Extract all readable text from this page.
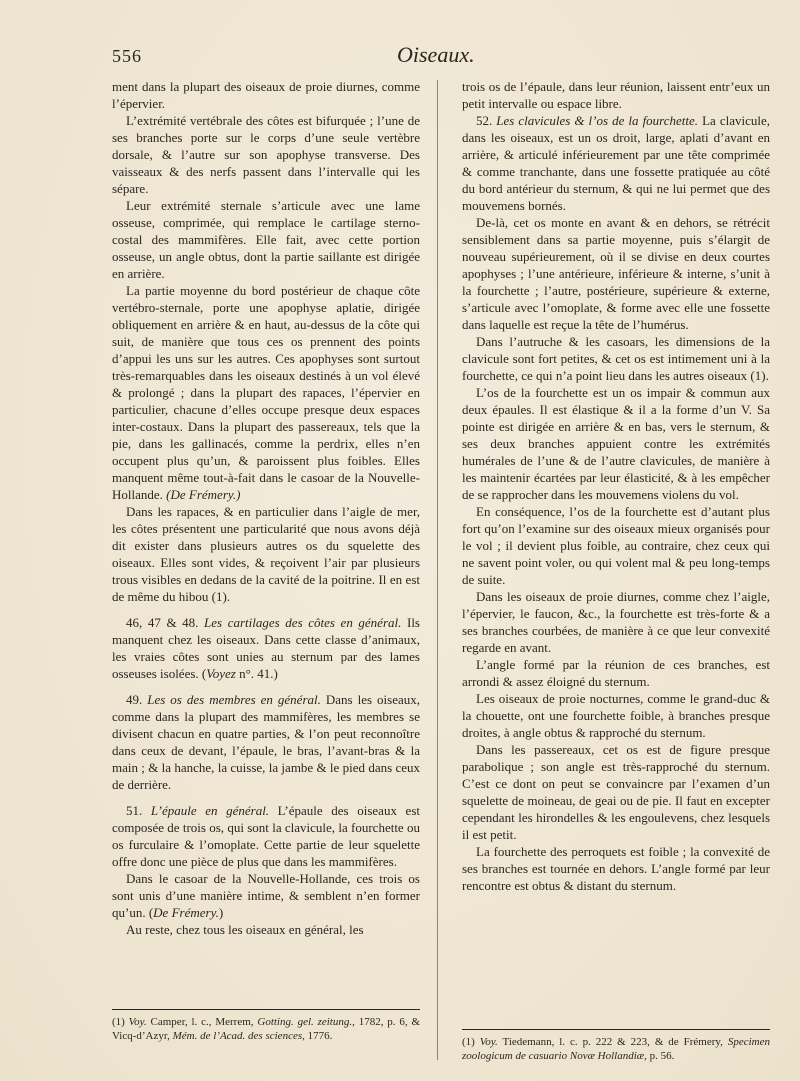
556	Oiseaux.

ment dans la plupart des oiseaux de proie diurnes, comme l’épervier.

L’extrémité vertébrale des côtes est bifurquée ; l’une de ses branches porte sur le corps d’une seule vertèbre dorsale, & l’autre sur son apophyse transverse. Des vaisseaux & des nerfs passent dans l’intervalle qui les sépare.

Leur extrémité sternale s’articule avec une lame osseuse, comprimée, qui remplace le cartilage sterno-costal des mammifères. Elle fait, avec cette portion osseuse, un angle obtus, dont la partie saillante est dirigée en arrière.

La partie moyenne du bord postérieur de chaque côte vertébro-sternale, porte une apophyse aplatie, dirigée obliquement en arrière & en haut, au-dessus de la côte qui suit, de manière que tous ces os prennent des points d’appui les uns sur les autres. Ces apophyses sont surtout très-remarquables dans les oiseaux destinés à un vol élevé & prolongé ; dans la plupart des rapaces, l’épervier en particulier, chacune d’elles occupe presque deux espaces inter-costaux. Dans la plupart des passereaux, tels que la pie, dans les gallinacés, comme la perdrix, elles n’en occupent plus qu’un, & paroissent plus foibles. Elles manquent même tout-à-fait dans le casoar de la Nouvelle-Hollande. (De Frémery.)

Dans les rapaces, & en particulier dans l’aigle de mer, les côtes présentent une particularité que nous avons déjà dit exister dans plusieurs autres os du squelette des oiseaux. Elles sont vides, & reçoivent l’air par plusieurs trous visibles en dedans de la cavité de la poitrine. Il en est de même du hibou (1).

46, 47 & 48. Les cartilages des côtes en général. Ils manquent chez les oiseaux. Dans cette classe d’animaux, les vraies côtes sont unies au sternum par des lames osseuses isolées. (Voyez n°. 41.)

49. Les os des membres en général. Dans les oiseaux, comme dans la plupart des mammifères, les membres se divisent chacun en quatre parties, & l’on peut reconnoître dans ceux de devant, l’épaule, le bras, l’avant-bras & la main ; & la hanche, la cuisse, la jambe & le pied dans ceux de derrière.

51. L’épaule en général. L’épaule des oiseaux est composée de trois os, qui sont la clavicule, la fourchette ou os furculaire & l’omoplate. Cette partie de leur squelette offre donc une pièce de plus que dans les mammifères.

Dans le casoar de la Nouvelle-Hollande, ces trois os sont unis d’une manière intime, & semblent n’en former qu’un. (De Frémery.)

Au reste, chez tous les oiseaux en général, les

trois os de l’épaule, dans leur réunion, laissent entr’eux un petit intervalle ou espace libre.

52. Les clavicules & l’os de la fourchette. La clavicule, dans les oiseaux, est un os droit, large, aplati d’avant en arrière, & articulé inférieurement par une tête comprimée & comme tranchante, dans une fossette pratiquée au côté du bord antérieur du sternum, & qui ne lui permet que des mouvemens bornés.

De-là, cet os monte en avant & en dehors, se rétrécit sensiblement dans sa partie moyenne, puis s’élargit de nouveau supérieurement, où il se divise en deux courtes apophyses ; l’une antérieure, inférieure & interne, s’unit à la fourchette ; l’autre, postérieure, supérieure & externe, s’articule avec l’omoplate, & forme avec elle une fossette dans laquelle est reçue la tête de l’humérus.

Dans l’autruche & les casoars, les dimensions de la clavicule sont fort petites, & cet os est intimement uni à la fourchette, ce qui n’a point lieu dans les autres oiseaux (1).

L’os de la fourchette est un os impair & commun aux deux épaules. Il est élastique & il a la forme d’un V. Sa pointe est dirigée en arrière & en bas, vers le sternum, & ses deux branches appuient contre les extrémités humérales de l’une & de l’autre clavicules, de manière à les maintenir écartées par leur élasticité, & à les empêcher de se rapprocher dans les mouvemens violens du vol.

En conséquence, l’os de la fourchette est d’autant plus fort qu’on l’examine sur des oiseaux mieux organisés pour le vol ; il devient plus foible, au contraire, chez ceux qui ne savent point voler, ou qui volent mal & peu long-temps de suite.

Dans les oiseaux de proie diurnes, comme chez l’aigle, l’épervier, le faucon, &c., la fourchette est très-forte & a ses branches courbées, de manière à ce que leur convexité regarde en avant.

L’angle formé par la réunion de ces branches, est arrondi & assez éloigné du sternum.

Les oiseaux de proie nocturnes, comme le grand-duc & la chouette, ont une fourchette foible, à branches presque droites, à angle obtus & rapproché du sternum.

Dans les passereaux, cet os est de figure presque parabolique ; son angle est très-rapproché du sternum. C’est ce dont on peut se convaincre par l’examen d’un squelette de moineau, de geai ou de pie. Il faut en excepter cependant les hirondelles & les engoulevens, chez lesquels il est petit.

La fourchette des perroquets est foible ; la convexité de ses branches est tournée en dehors. L’angle formé par leur rencontre est obtus & distant du sternum.

(1) Voy. Camper, l. c., Merrem, Gotting. gel. zeitung., 1782, p. 6, & Vicq-d’Azyr, Mém. de l’Acad. des sciences, 1776.	(1) Voy. Tiedemann, l. c. p. 222 & 223, & de Frémery, Specimen zoologicum de casuario Novæ Hollandiæ, p. 56.
